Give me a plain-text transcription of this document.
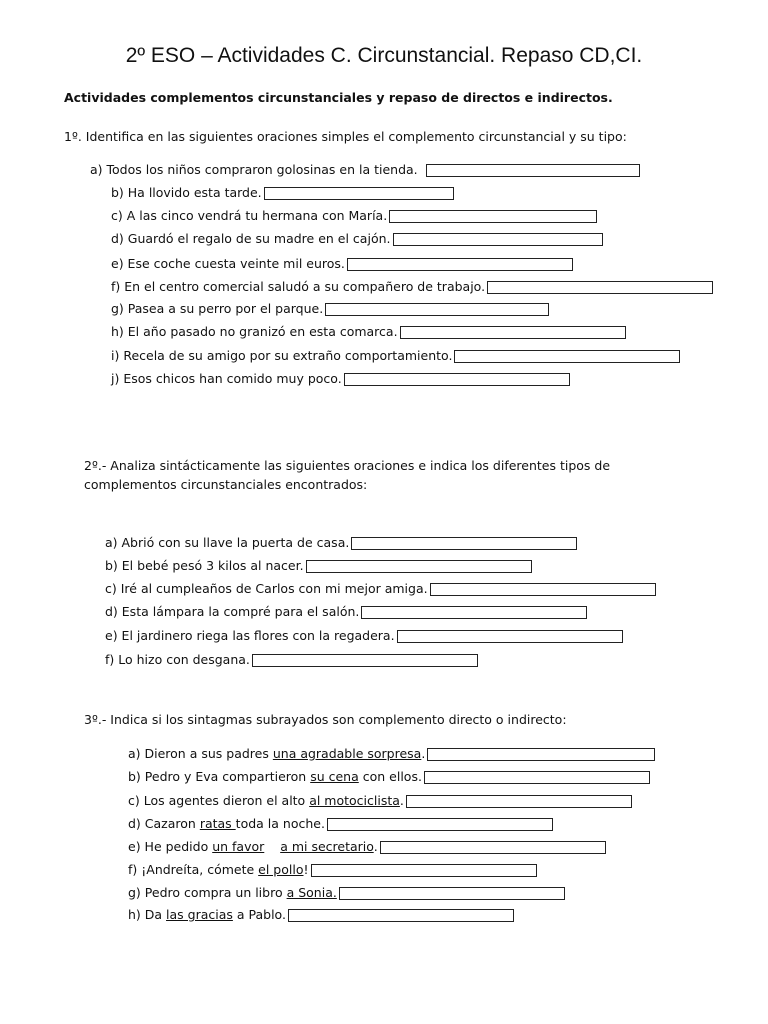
2º ESO – Actividades C. Circunstancial. Repaso CD,CI.
Actividades complementos circunstanciales y repaso de directos e indirectos.
1º. Identifica en las siguientes oraciones simples el complemento circunstancial y su tipo:
a) Todos los niños compraron golosinas en la tienda.
b) Ha llovido esta tarde.
c) A las cinco vendrá tu hermana con María.
d) Guardó el regalo de su madre en el cajón.
e) Ese coche cuesta veinte mil euros.
f) En el centro comercial saludó a su compañero de trabajo.
g) Pasea a su perro por el parque.
h) El año pasado no granizó en esta comarca.
i) Recela de su amigo por su extraño comportamiento.
j) Esos chicos han comido muy poco.
2º.- Analiza sintácticamente las siguientes oraciones e indica los diferentes tipos de complementos circunstanciales encontrados:
a) Abrió con su llave la puerta de casa.
b) El bebé pesó 3 kilos al nacer.
c) Iré al cumpleaños de Carlos con mi mejor amiga.
d) Esta lámpara la compré para el salón.
e) El jardinero riega las flores con la regadera.
f) Lo hizo con desgana.
3º.- Indica si los sintagmas subrayados son complemento directo o indirecto:
a) Dieron a sus padres una agradable sorpresa.
b) Pedro y Eva compartieron su cena con ellos.
c) Los agentes dieron el alto al motociclista.
d) Cazaron ratas toda la noche.
e) He pedido un favor a mi secretario.
f) ¡Andreíta, cómete el pollo!
g) Pedro compra un libro a Sonia.
h) Da las gracias a Pablo.
